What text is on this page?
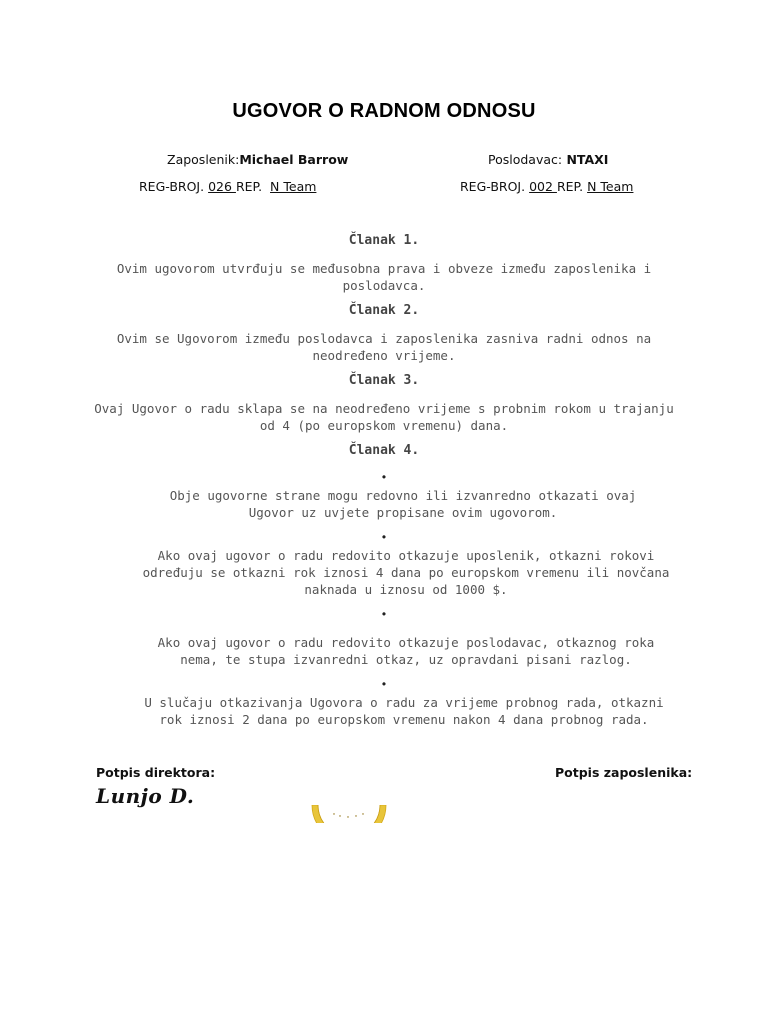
UGOVOR O RADNOM ODNOSU
Zaposlenik:Michael Barrow
REG-BROJ. 026 REP. N Team
Poslodavac: NTAXI
REG-BROJ. 002 REP. N Team
Članak 1.
Ovim ugovorom utvrđuju se međusobna prava i obveze između zaposlenika i poslodavca.
Članak 2.
Ovim se Ugovorom između poslodavca i zaposlenika zasniva radni odnos na neodređeno vrijeme.
Članak 3.
Ovaj Ugovor o radu sklapa se na neodređeno vrijeme s probnim rokom u trajanju od 4 (po europskom vremenu) dana.
Članak 4.
•
Obje ugovorne strane mogu redovno ili izvanredno otkazati ovaj Ugovor uz uvjete propisane ovim ugovorom.
•
Ako ovaj ugovor o radu redovito otkazuje uposlenik, otkazni rokovi određuju se otkazni rok iznosi 4 dana po europskom vremenu ili novčana naknada u iznosu od 1000 $.
•
Ako ovaj ugovor o radu redovito otkazuje poslodavac, otkaznog roka nema, te stupa izvanredni otkaz, uz opravdani pisani razlog.
•
U slučaju otkazivanja Ugovora o radu za vrijeme probnog rada, otkazni rok iznosi 2 dana po europskom vremenu nakon 4 dana probnog rada.
Potpis direktora:	Potpis zaposlenika:
Lunjo D.
